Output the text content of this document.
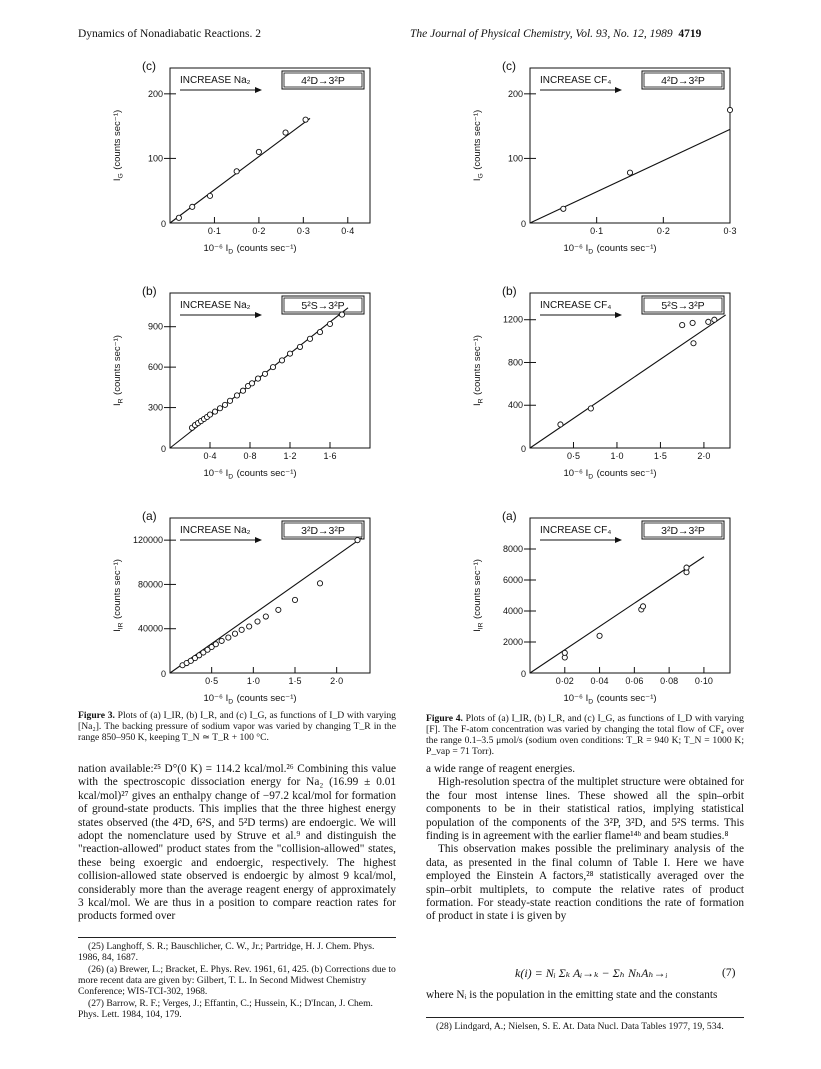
Dynamics of Nonadiabatic Reactions. 2	The Journal of Physical Chemistry, Vol. 93, No. 12, 1989 4719
(c)
INCREASE Na₂	4²D→3²P
0·1	0·2	0·3	0·4
0
100
200
10⁻⁶ $I_D$  (counts sec⁻¹)
$I_G$  (counts sec⁻¹)
(c)
INCREASE CF₄	4²D→3²P
0·1	0·2	0·3
0
100
200
10⁻⁶ $I_D$  (counts sec⁻¹)
$I_G$  (counts sec⁻¹)
(b)
INCREASE Na₂	5²S→3²P
0·4	0·8	1·2	1·6
0
300
600
900
10⁻⁶ $I_D$  (counts sec⁻¹)
$I_R$  (counts sec⁻¹)
(b)
INCREASE CF₄	5²S→3²P
0·5	1·0	1·5	2·0
0
400
800
1200
10⁻⁶ $I_D$  (counts sec⁻¹)
$I_R$  (counts sec⁻¹)
(a)
INCREASE Na₂	3²D→3²P
0·5	1·0	1·5	2·0
0
40000
80000
120000
10⁻⁶ $I_D$  (counts sec⁻¹)
$I_{IR}$  (counts sec⁻¹)
(a)
INCREASE CF₄	3²D→3²P
0·02 0·04 0·06 0·08 0·10
0
2000
4000
6000
8000
10⁻⁶ $I_D$  (counts sec⁻¹)
$I_{IR}$  (counts sec⁻¹)
Figure 3. Plots of (a) I_IR, (b) I_R, and (c) I_G, as functions of I_D with varying [Na₂]. The backing pressure of sodium vapor was varied by changing T_R in the range 850–950 K, keeping T_N ≃ T_R + 100 °C.
Figure 4. Plots of (a) I_IR, (b) I_R, and (c) I_G, as functions of I_D with varying [F]. The F-atom concentration was varied by changing the total flow of CF₄ over the range 0.1–3.5 μmol/s (sodium oven conditions: T_R = 940 K; T_N = 1000 K; P_vap = 71 Torr).

nation available:²⁵ D°(0 K) = 114.2 kcal/mol.²⁶ Combining this value with the spectroscopic dissociation energy for Na₂ (16.99 ± 0.01 kcal/mol)²⁷ gives an enthalpy change of −97.2 kcal/mol for formation of ground-state products. This implies that the three highest energy states observed (the 4²D, 6²S, and 5²D terms) are endoergic. We will adopt the nomenclature used by Struve et al.⁹ and distinguish the "reaction-allowed" product states from the "collision-allowed" states, these being exoergic and endoergic, respectively. The highest collision-allowed state observed is endoergic by almost 9 kcal/mol, considerably more than the average reagent energy of approximately 3 kcal/mol. We are thus in a position to compare reaction rates for products formed over

a wide range of reagent energies.

High-resolution spectra of the multiplet structure were obtained for the four most intense lines. These showed all the spin–orbit components to be in their statistical ratios, implying statistical population of the components of the 3²P, 3²D, and 5²S terms. This finding is in agreement with the earlier flame¹⁴ᵇ and beam studies.⁸

This observation makes possible the preliminary analysis of the data, as presented in the final column of Table I. Here we have employed the Einstein A factors,²⁸ statistically averaged over the spin–orbit multiplets, to compute the relative rates of product formation. For steady-state reaction conditions the rate of formation of product in state i is given by

k(i) = Nᵢ Σₖ Aᵢ→ₖ − Σₕ NₕAₕ→ᵢ	(7)

where Nᵢ is the population in the emitting state and the constants

(25) Langhoff, S. R.; Bauschlicher, C. W., Jr.; Partridge, H. J. Chem. Phys. 1986, 84, 1687.

(26) (a) Brewer, L.; Bracket, E. Phys. Rev. 1961, 61, 425. (b) Corrections due to more recent data are given by: Gilbert, T. L. In Second Midwest Chemistry Conference; WIS-TCI-302, 1968.

(27) Barrow, R. F.; Verges, J.; Effantin, C.; Hussein, K.; D'Incan, J. Chem. Phys. Lett. 1984, 104, 179.

(28) Lindgard, A.; Nielsen, S. E. At. Data Nucl. Data Tables 1977, 19, 534.
